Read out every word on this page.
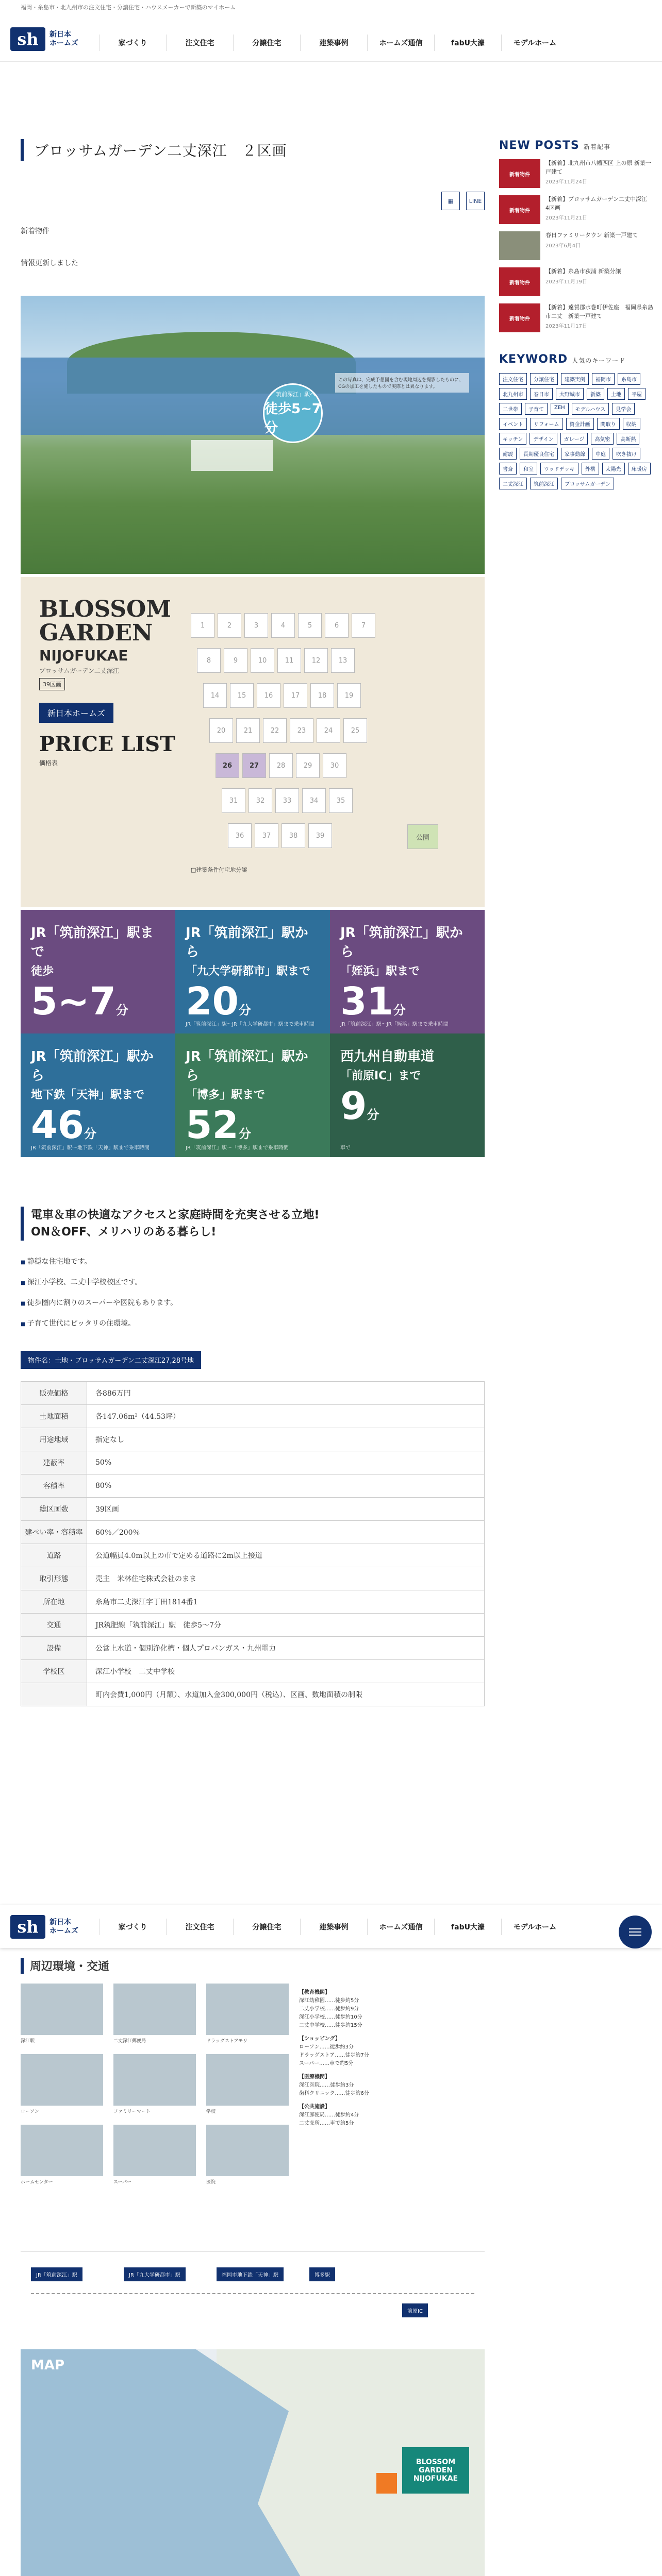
福岡・糸島市・北九州市の注文住宅・分譲住宅・ハウスメーカーで新築のマイホーム
sh	新日本
ホームズ	家づくり	注文住宅	分譲住宅	建築事例	ホームズ通信	fabU大濠	モデルホーム
ブロッサムガーデン二丈深江　２区画
▦	LINE
新着物件
情報更新しました
「筑前深江」駅へ
徒歩5~7分
この写真は、完成予想図を含む現地周辺を撮影したものに、CGの加工を施したもので実際とは異なります。
BLOSSOM
GARDEN
NIJOFUKAE
ブロッサムガーデン二丈深江
39区画
新日本ホームズ
PRICE LIST
価格表
1	2	3	4	5	6	7
8	9	10	11	12	13
14	15	16	17	18	19
20	21	22	23	24	25
26	27	28	29	30
31	32	33	34	35
36	37	38	39	公園
□建築条件付宅地分譲
JR「筑前深江」駅まで
徒歩
5~7分
JR「筑前深江」駅から
「九大学研都市」駅まで
20分
JR「筑前深江」駅〜JR「九大学研都市」駅まで乗車時間
JR「筑前深江」駅から
「姪浜」駅まで
31分
JR「筑前深江」駅〜JR「姪浜」駅まで乗車時間
JR「筑前深江」駅から
地下鉄「天神」駅まで
46分
JR「筑前深江」駅〜地下鉄「天神」駅まで乗車時間
JR「筑前深江」駅から
「博多」駅まで
52分
JR「筑前深江」駅〜「博多」駅まで乗車時間
西九州自動車道
「前原IC」まで
9分
車で
電車＆車の快適なアクセスと家庭時間を充実させる立地!
ON＆OFF、メリハリのある暮らし!
■ 静穏な住宅地です。
■ 深江小学校、二丈中学校校区です。
■ 徒歩圏内に割りのスーパーや医院もあります。
■ 子育て世代にピッタリの住環境。
物件名：土地・ブロッサムガーデン二丈深江27,28号地
販売価格	各886万円
土地面積	各147.06m²（44.53坪）
用途地域	指定なし
建蔽率	50%
容積率	80%
総区画数	39区画
建ぺい率・容積率	60％／200％
道路	公道幅員4.0m以上の市で定める道路に2m以上接道
取引形態	売主　米林住宅株式会社のまま
所在地	糸島市二丈深江字丁田1814番1
交通	JR筑肥線「筑前深江」駅　徒歩5～7分
設備	公営上水道・個別浄化槽・個人プロパンガス・九州電力
学校区	深江小学校　二丈中学校
	町内会費1,000円（月額）、水道加入金300,000円（税込）、区画、数地面積の制限
NEW POSTS 新着記事
新着物件
【新着】北九州市八幡西区 上の原 新築一戸建て
2023年11月24日
新着物件
【新着】ブロッサムガーデン二丈中深江　4区画
2023年11月21日
春日ファミリータウン 新築一戸建て
2023年6月4日
新着物件
【新着】糸島市荻浦 新築分譲
2023年11月19日
新着物件
【新着】遠賀郡水巻町伊佐座　福岡県糸島市二丈　新築一戸建て
2023年11月17日
KEYWORD 人気のキーワード
注文住宅	分譲住宅	建築実例	福岡市	糸島市
北九州市	春日市	大野城市	新築	土地	平屋
二世帯	子育て	ZEH	モデルハウス	見学会
イベント	リフォーム	資金計画	間取り	収納
キッチン	デザイン	ガレージ	高気密	高断熱
耐震	長期優良住宅	家事動線	中庭	吹き抜け
書斎	和室	ウッドデッキ	外構	太陽光	床暖房
二丈深江	筑前深江	ブロッサムガーデン
sh	新日本
ホームズ	家づくり	注文住宅	分譲住宅	建築事例	ホームズ通信	fabU大濠	モデルホーム
周辺環境・交通
深江駅	二丈深江郵便局	ドラッグストアモリ
ローソン	ファミリーマート	学校
ホームセンター	スーパー	医院
【教育機関】
深江幼稚園……徒歩約5分
二丈小学校……徒歩約9分
深江小学校……徒歩約10分
二丈中学校……徒歩約15分
【ショッピング】
ローソン……徒歩約3分
ドラッグストア……徒歩約7分
スーパー……車で約5分
【医療機関】
深江医院……徒歩約3分
歯科クリニック……徒歩約6分
【公共施設】
深江郵便局……徒歩約4分
二丈支所……車で約5分
JR「筑前深江」駅	JR「九大学研都市」駅	福岡市地下鉄「天神」駅	博多駅
前原IC
MAP
BLOSSOM GARDEN NIJOFUKAE
